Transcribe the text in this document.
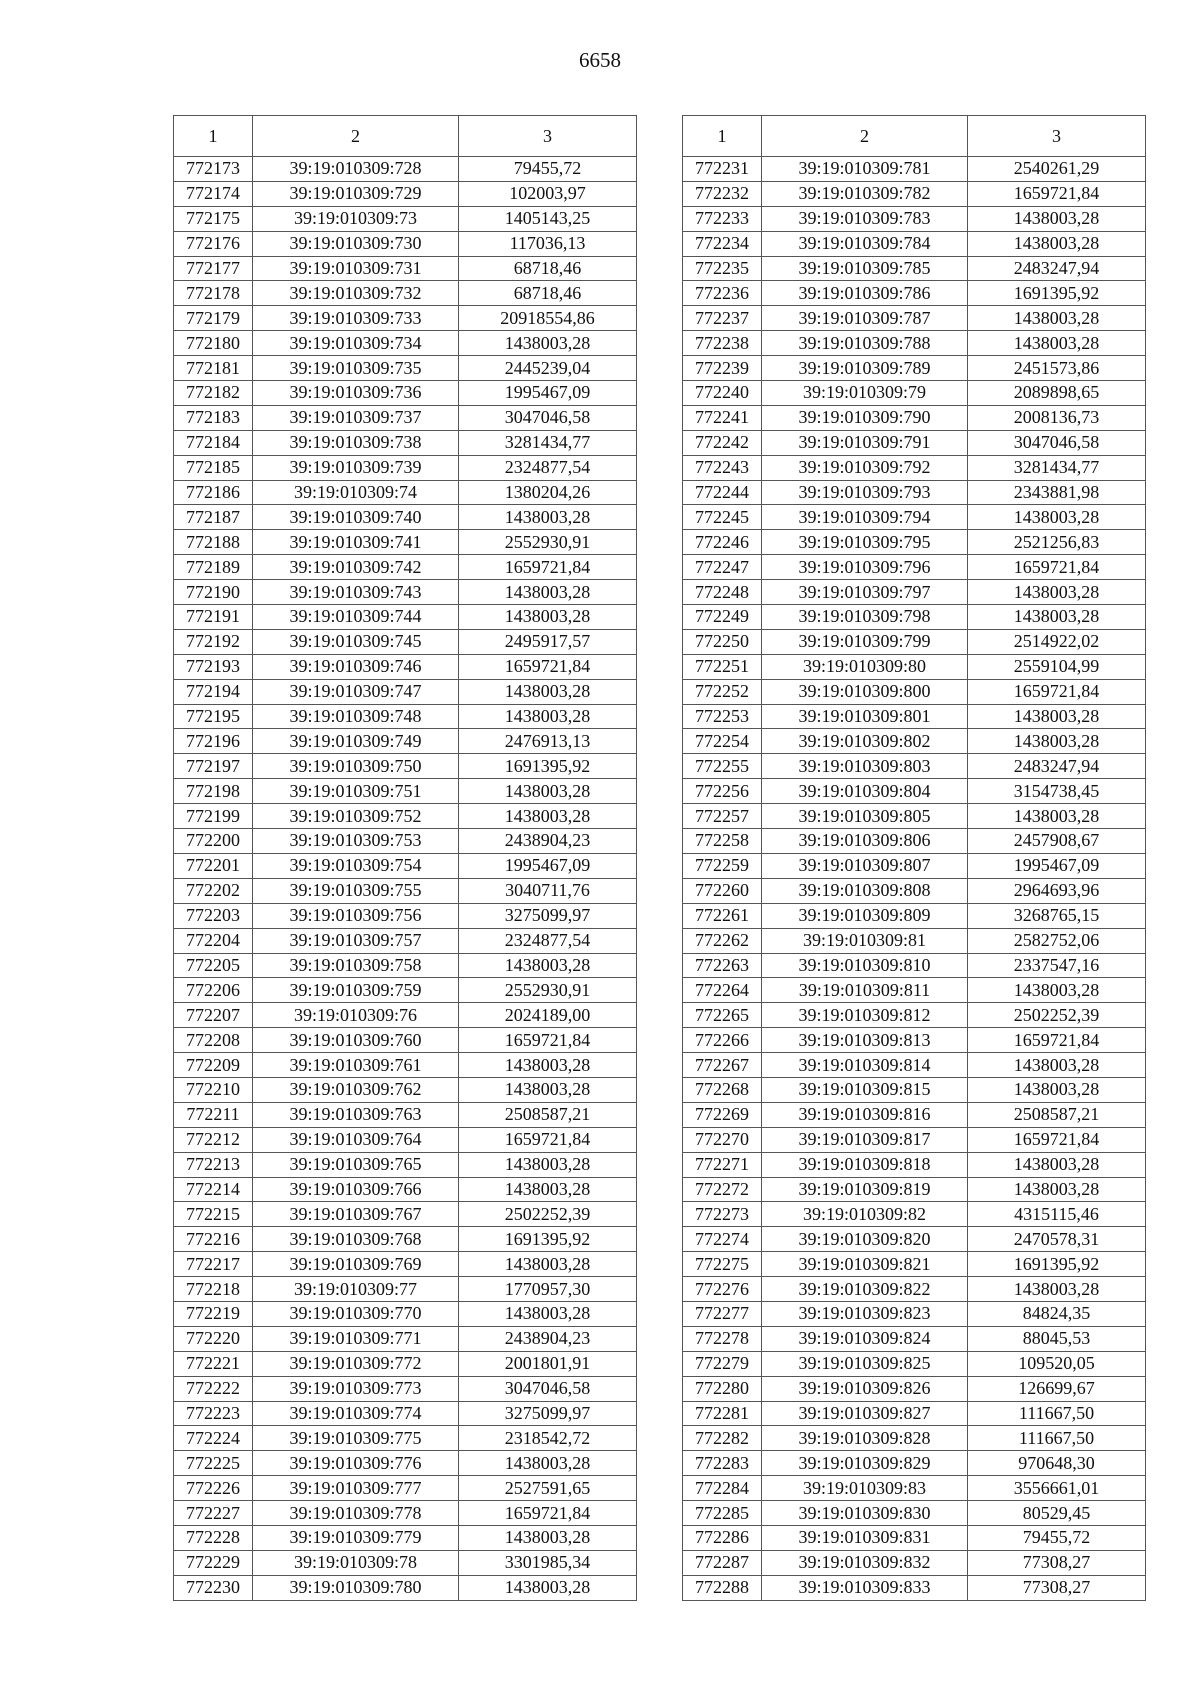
6658
1	2	3
772173	39:19:010309:728	79455,72
772174	39:19:010309:729	102003,97
772175	39:19:010309:73	1405143,25
772176	39:19:010309:730	117036,13
772177	39:19:010309:731	68718,46
772178	39:19:010309:732	68718,46
772179	39:19:010309:733	20918554,86
772180	39:19:010309:734	1438003,28
772181	39:19:010309:735	2445239,04
772182	39:19:010309:736	1995467,09
772183	39:19:010309:737	3047046,58
772184	39:19:010309:738	3281434,77
772185	39:19:010309:739	2324877,54
772186	39:19:010309:74	1380204,26
772187	39:19:010309:740	1438003,28
772188	39:19:010309:741	2552930,91
772189	39:19:010309:742	1659721,84
772190	39:19:010309:743	1438003,28
772191	39:19:010309:744	1438003,28
772192	39:19:010309:745	2495917,57
772193	39:19:010309:746	1659721,84
772194	39:19:010309:747	1438003,28
772195	39:19:010309:748	1438003,28
772196	39:19:010309:749	2476913,13
772197	39:19:010309:750	1691395,92
772198	39:19:010309:751	1438003,28
772199	39:19:010309:752	1438003,28
772200	39:19:010309:753	2438904,23
772201	39:19:010309:754	1995467,09
772202	39:19:010309:755	3040711,76
772203	39:19:010309:756	3275099,97
772204	39:19:010309:757	2324877,54
772205	39:19:010309:758	1438003,28
772206	39:19:010309:759	2552930,91
772207	39:19:010309:76	2024189,00
772208	39:19:010309:760	1659721,84
772209	39:19:010309:761	1438003,28
772210	39:19:010309:762	1438003,28
772211	39:19:010309:763	2508587,21
772212	39:19:010309:764	1659721,84
772213	39:19:010309:765	1438003,28
772214	39:19:010309:766	1438003,28
772215	39:19:010309:767	2502252,39
772216	39:19:010309:768	1691395,92
772217	39:19:010309:769	1438003,28
772218	39:19:010309:77	1770957,30
772219	39:19:010309:770	1438003,28
772220	39:19:010309:771	2438904,23
772221	39:19:010309:772	2001801,91
772222	39:19:010309:773	3047046,58
772223	39:19:010309:774	3275099,97
772224	39:19:010309:775	2318542,72
772225	39:19:010309:776	1438003,28
772226	39:19:010309:777	2527591,65
772227	39:19:010309:778	1659721,84
772228	39:19:010309:779	1438003,28
772229	39:19:010309:78	3301985,34
772230	39:19:010309:780	1438003,28
1	2	3
772231	39:19:010309:781	2540261,29
772232	39:19:010309:782	1659721,84
772233	39:19:010309:783	1438003,28
772234	39:19:010309:784	1438003,28
772235	39:19:010309:785	2483247,94
772236	39:19:010309:786	1691395,92
772237	39:19:010309:787	1438003,28
772238	39:19:010309:788	1438003,28
772239	39:19:010309:789	2451573,86
772240	39:19:010309:79	2089898,65
772241	39:19:010309:790	2008136,73
772242	39:19:010309:791	3047046,58
772243	39:19:010309:792	3281434,77
772244	39:19:010309:793	2343881,98
772245	39:19:010309:794	1438003,28
772246	39:19:010309:795	2521256,83
772247	39:19:010309:796	1659721,84
772248	39:19:010309:797	1438003,28
772249	39:19:010309:798	1438003,28
772250	39:19:010309:799	2514922,02
772251	39:19:010309:80	2559104,99
772252	39:19:010309:800	1659721,84
772253	39:19:010309:801	1438003,28
772254	39:19:010309:802	1438003,28
772255	39:19:010309:803	2483247,94
772256	39:19:010309:804	3154738,45
772257	39:19:010309:805	1438003,28
772258	39:19:010309:806	2457908,67
772259	39:19:010309:807	1995467,09
772260	39:19:010309:808	2964693,96
772261	39:19:010309:809	3268765,15
772262	39:19:010309:81	2582752,06
772263	39:19:010309:810	2337547,16
772264	39:19:010309:811	1438003,28
772265	39:19:010309:812	2502252,39
772266	39:19:010309:813	1659721,84
772267	39:19:010309:814	1438003,28
772268	39:19:010309:815	1438003,28
772269	39:19:010309:816	2508587,21
772270	39:19:010309:817	1659721,84
772271	39:19:010309:818	1438003,28
772272	39:19:010309:819	1438003,28
772273	39:19:010309:82	4315115,46
772274	39:19:010309:820	2470578,31
772275	39:19:010309:821	1691395,92
772276	39:19:010309:822	1438003,28
772277	39:19:010309:823	84824,35
772278	39:19:010309:824	88045,53
772279	39:19:010309:825	109520,05
772280	39:19:010309:826	126699,67
772281	39:19:010309:827	111667,50
772282	39:19:010309:828	111667,50
772283	39:19:010309:829	970648,30
772284	39:19:010309:83	3556661,01
772285	39:19:010309:830	80529,45
772286	39:19:010309:831	79455,72
772287	39:19:010309:832	77308,27
772288	39:19:010309:833	77308,27
